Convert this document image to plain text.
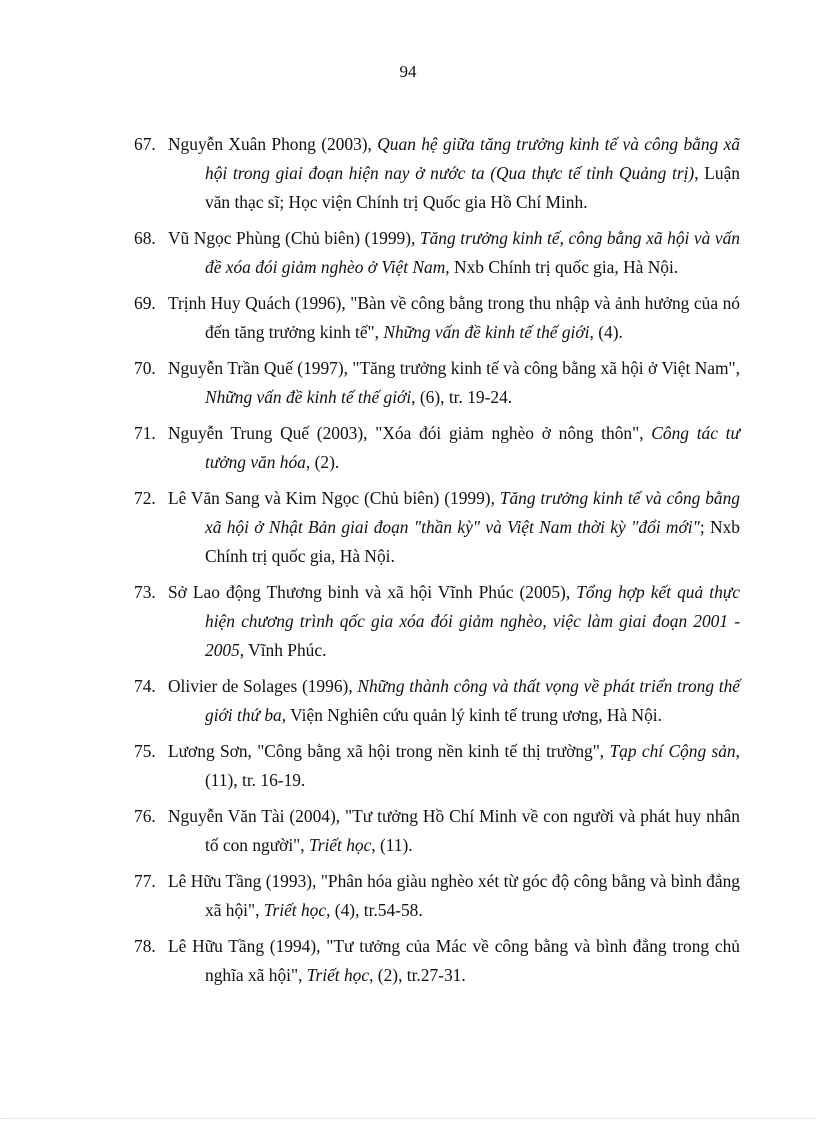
94
67. Nguyễn Xuân Phong (2003), Quan hệ giữa tăng trưởng kinh tế và công bằng xã hội trong giai đoạn hiện nay ở nước ta (Qua thực tế tỉnh Quảng trị), Luận văn thạc sĩ; Học viện Chính trị Quốc gia Hồ Chí Minh.
68. Vũ Ngọc Phùng (Chủ biên) (1999), Tăng trưởng kinh tế, công bằng xã hội và vấn đề xóa đói giảm nghèo ở Việt Nam, Nxb Chính trị quốc gia, Hà Nội.
69. Trịnh Huy Quách (1996), "Bàn về công bằng trong thu nhập và ảnh hưởng của nó đến tăng trưởng kinh tế", Những vấn đề kinh tế thế giới, (4).
70. Nguyễn Trần Quế (1997), "Tăng trưởng kinh tế và công bằng xã hội ở Việt Nam", Những vấn đề kinh tế thế giới, (6), tr. 19-24.
71. Nguyễn Trung Quế (2003), "Xóa đói giảm nghèo ở nông thôn", Công tác tư tưởng văn hóa, (2).
72. Lê Văn Sang và Kim Ngọc (Chủ biên) (1999), Tăng trưởng kinh tế và công bằng xã hội ở Nhật Bản giai đoạn "thần kỳ" và Việt Nam thời kỳ "đổi mới"; Nxb Chính trị quốc gia, Hà Nội.
73. Sở Lao động Thương binh và xã hội Vĩnh Phúc (2005), Tổng hợp kết quả thực hiện chương trình qốc gia xóa đói giảm nghèo, việc làm giai đoạn 2001 - 2005, Vĩnh Phúc.
74. Olivier de Solages (1996), Những thành công và thất vọng về phát triển trong thế giới thứ ba, Viện Nghiên cứu quản lý kinh tế trung ương, Hà Nội.
75. Lương Sơn, "Công bằng xã hội trong nền kinh tế thị trường", Tạp chí Cộng sản, (11), tr. 16-19.
76. Nguyễn Văn Tài (2004), "Tư tưởng Hồ Chí Minh về con người và phát huy nhân tố con người", Triết học, (11).
77. Lê Hữu Tầng (1993), "Phân hóa giàu nghèo xét từ góc độ công bằng và bình đẳng xã hội", Triết học, (4), tr.54-58.
78. Lê Hữu Tầng (1994), "Tư tưởng của Mác về công bằng và bình đẳng trong chủ nghĩa xã hội", Triết học, (2), tr.27-31.
